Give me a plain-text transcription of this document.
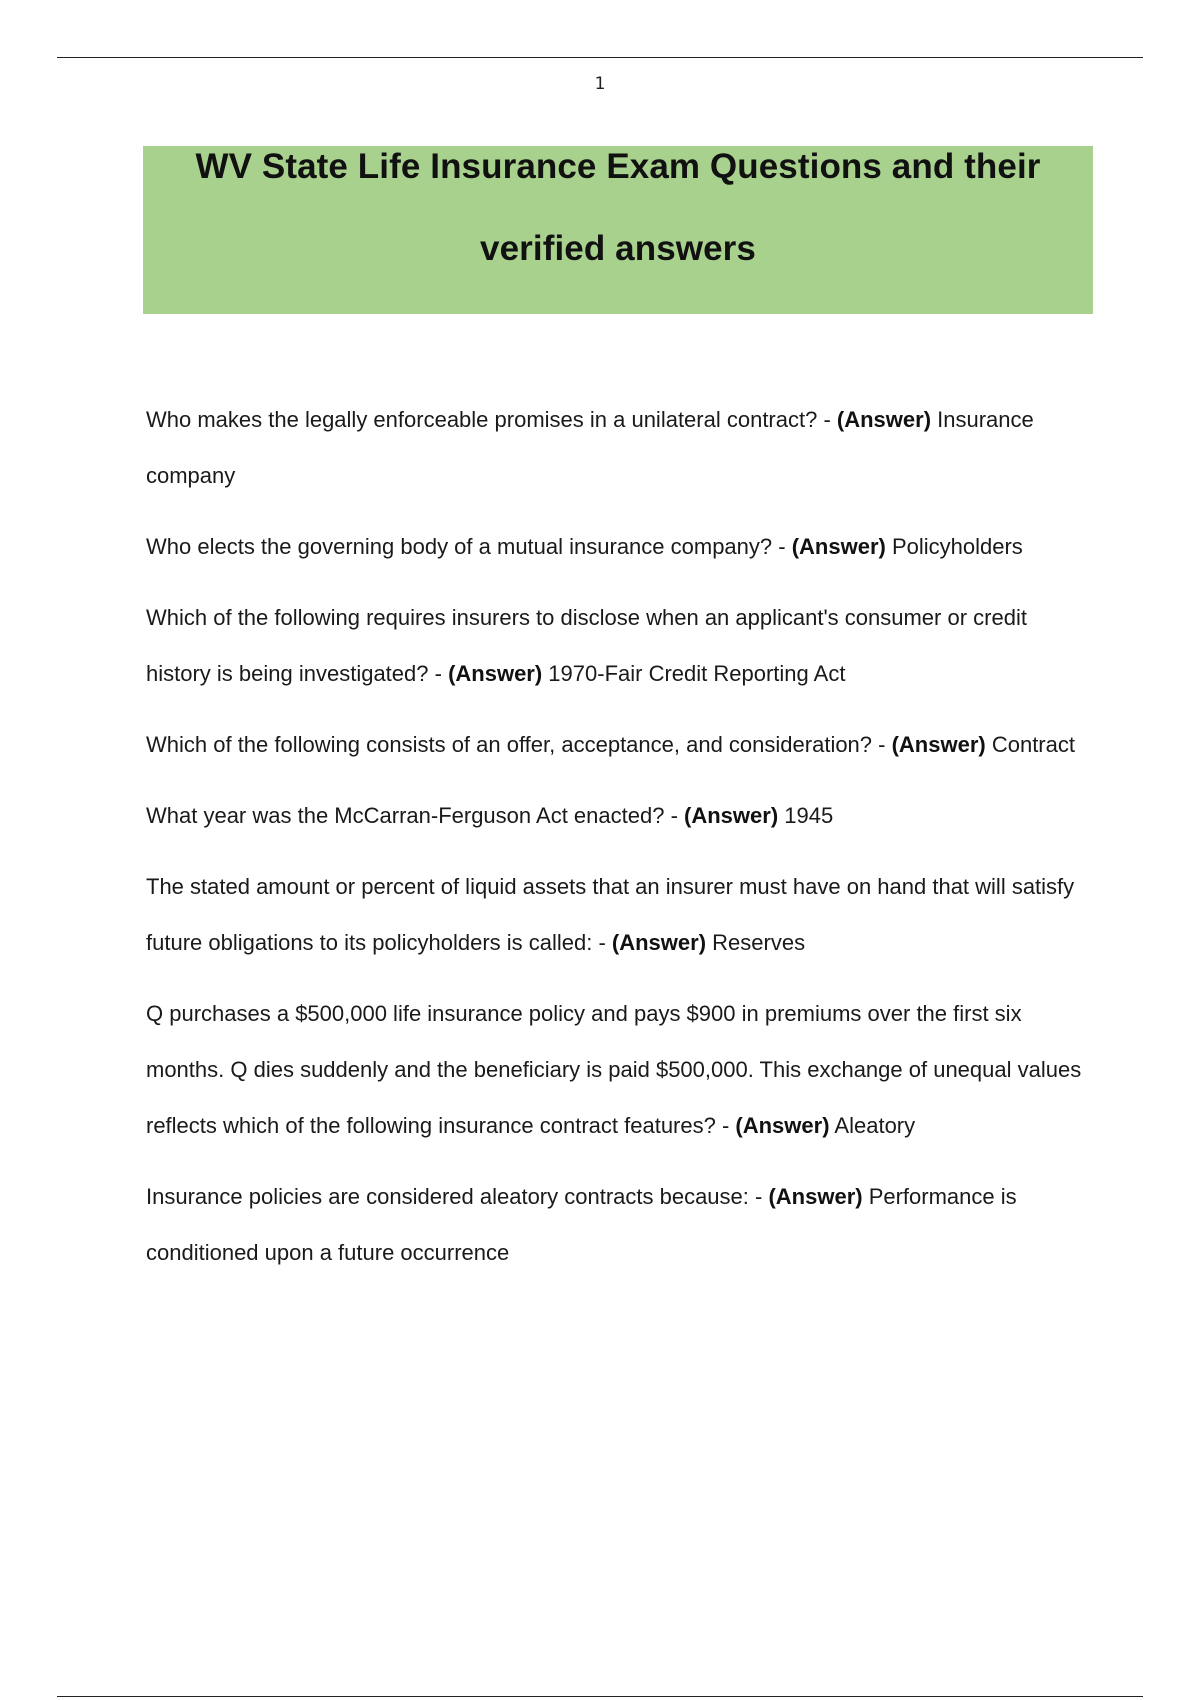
1
WV State Life Insurance Exam Questions and their
verified answers
Who makes the legally enforceable promises in a unilateral contract? - (Answer) Insurance company
Who elects the governing body of a mutual insurance company? - (Answer) Policyholders
Which of the following requires insurers to disclose when an applicant's consumer or credit history is being investigated? - (Answer) 1970-Fair Credit Reporting Act
Which of the following consists of an offer, acceptance, and consideration? - (Answer) Contract
What year was the McCarran-Ferguson Act enacted? - (Answer) 1945
The stated amount or percent of liquid assets that an insurer must have on hand that will satisfy future obligations to its policyholders is called: - (Answer) Reserves
Q purchases a $500,000 life insurance policy and pays $900 in premiums over the first six months. Q dies suddenly and the beneficiary is paid $500,000. This exchange of unequal values reflects which of the following insurance contract features? - (Answer) Aleatory
Insurance policies are considered aleatory contracts because: - (Answer) Performance is conditioned upon a future occurrence
